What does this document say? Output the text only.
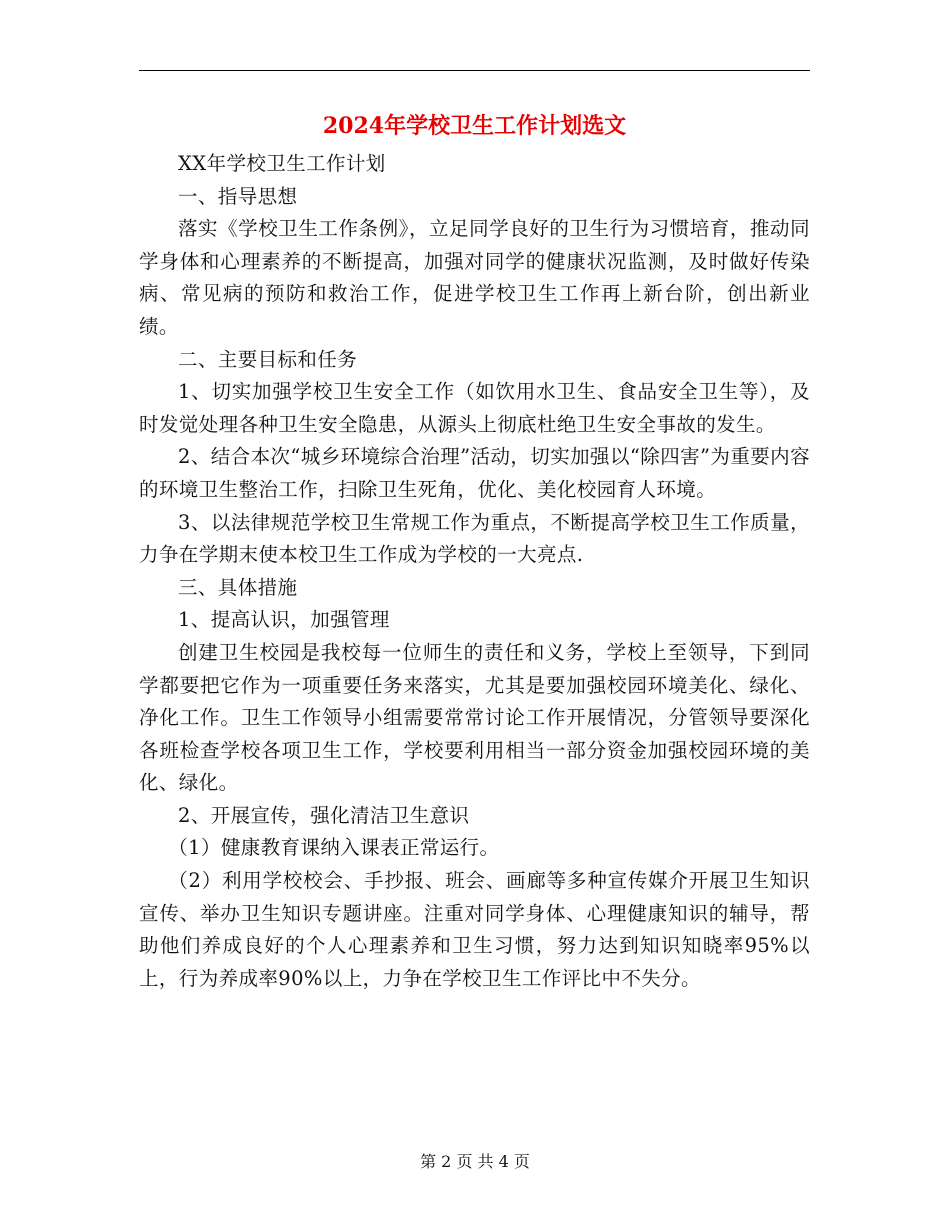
2024年学校卫生工作计划选文

XX年学校卫生工作计划

一、指导思想

落实《学校卫生工作条例》，立足同学良好的卫生行为习惯培育，推动同学身体和心理素养的不断提高，加强对同学的健康状况监测，及时做好传染病、常见病的预防和救治工作，促进学校卫生工作再上新台阶，创出新业绩。

二、主要目标和任务

1、切实加强学校卫生安全工作（如饮用水卫生、食品安全卫生等），及时发觉处理各种卫生安全隐患，从源头上彻底杜绝卫生安全事故的发生。

2、结合本次“城乡环境综合治理”活动，切实加强以“除四害”为重要内容的环境卫生整治工作，扫除卫生死角，优化、美化校园育人环境。

3、以法律规范学校卫生常规工作为重点，不断提高学校卫生工作质量，力争在学期末使本校卫生工作成为学校的一大亮点.

三、具体措施

1、提高认识，加强管理

创建卫生校园是我校每一位师生的责任和义务，学校上至领导，下到同学都要把它作为一项重要任务来落实，尤其是要加强校园环境美化、绿化、净化工作。卫生工作领导小组需要常常讨论工作开展情况，分管领导要深化各班检查学校各项卫生工作，学校要利用相当一部分资金加强校园环境的美化、绿化。

2、开展宣传，强化清洁卫生意识

（1）健康教育课纳入课表正常运行。

（2）利用学校校会、手抄报、班会、画廊等多种宣传媒介开展卫生知识宣传、举办卫生知识专题讲座。注重对同学身体、心理健康知识的辅导，帮助他们养成良好的个人心理素养和卫生习惯，努力达到知识知晓率95%以上，行为养成率90%以上，力争在学校卫生工作评比中不失分。

第 2 页 共 4 页
